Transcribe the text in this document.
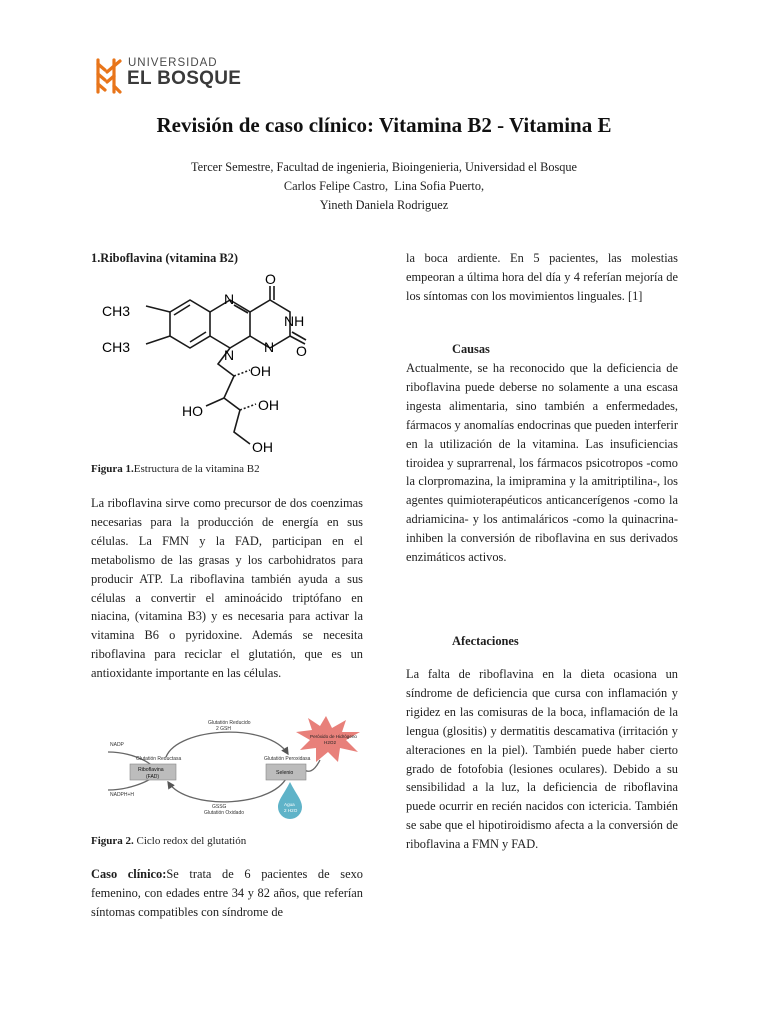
UNIVERSIDAD
EL BOSQUE
Revisión de caso clínico: Vitamina B2 - Vitamina E
Tercer Semestre, Facultad de ingenieria, Bioingenieria, Universidad el Bosque
Carlos Felipe Castro,  Lina Sofia Puerto,
Yineth Daniela Rodriguez
1.Riboflavina (vitamina B2)
CH3
CH3
N
N
NH
N
O
O
OH
HO	OH
OH
Figura 1.Estructura de la vitamina B2

La riboflavina sirve como precursor de dos coenzimas necesarias para la producción de energía en sus células. La FMN y la FAD, participan en el metabolismo de las grasas y los carbohidratos para producir ATP. La riboflavina también ayuda a sus células a convertir el aminoácido triptófano en niacina, (vitamina B3) y es necesaria para activar la vitamina B6 o pyridoxine. Además se necesita riboflavina para reciclar el glutatión, que es un antioxidante importante en las células.

Glutatión Reducido
2 GSH
NADP
NADPH+H
Glutatión Reductasa
Riboflavina
(FAD)
Glutatión Peroxidasa
Selenio
GSSG
Glutatión Oxidado
Peróxido de Hidrógeno
H2O2
Agua
2 H2O
Figura 2. Ciclo redox del glutatión

Caso clínico:Se trata de 6 pacientes de sexo femenino, con edades entre 34 y 82 años, que referían síntomas compatibles con síndrome de

la boca ardiente. En 5 pacientes, las molestias empeoran a última hora del día y 4 referían mejoría de los síntomas con los movimientos linguales. [1]

Causas

Actualmente, se ha reconocido que la deficiencia de riboflavina puede deberse no solamente a una escasa ingesta alimentaria, sino también a enfermedades, fármacos y anomalías endocrinas que pueden interferir en la utilización de la vitamina. Las insuficiencias tiroidea y suprarrenal, los fármacos psicotropos -como la clorpromazina, la imipramina y la amitriptilina-, los agentes quimioterapéuticos anticancerígenos -como la adriamicina- y los antimaláricos -como la quinacrina- inhiben la conversión de riboflavina en sus derivados enzimáticos activos.

Afectaciones

La falta de riboflavina en la dieta ocasiona un síndrome de deficiencia que cursa con inflamación y rigidez en las comisuras de la boca, inflamación de la lengua (glositis) y dermatitis descamativa (irritación y alteraciones en la piel). También puede haber cierto grado de fotofobia (lesiones oculares). Debido a su sensibilidad a la luz, la deficiencia de riboflavina puede ocurrir en recién nacidos con ictericia. También se sabe que el hipotiroidismo afecta a la conversión de riboflavina a FMN y FAD.
